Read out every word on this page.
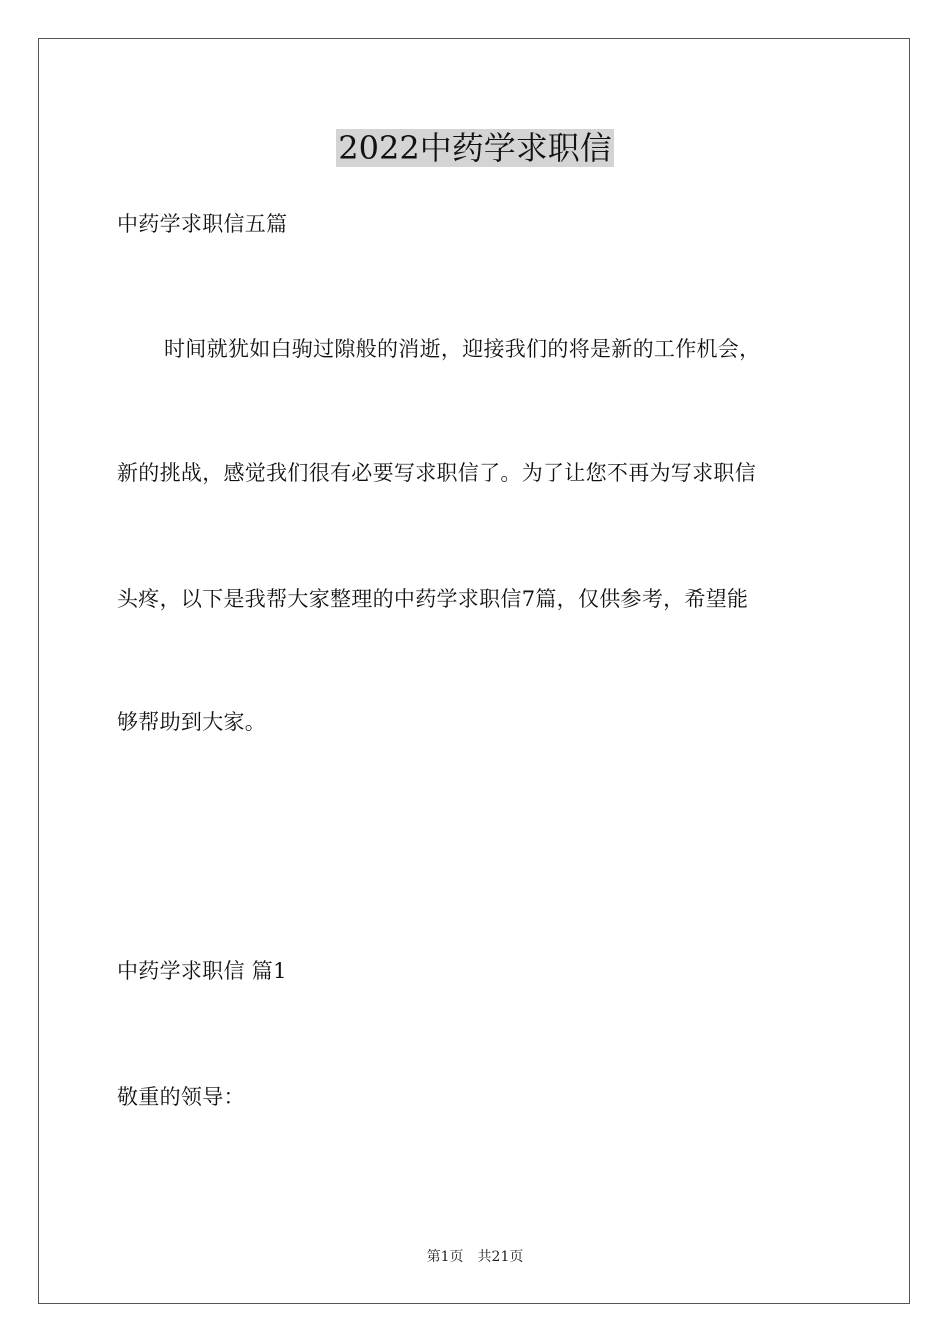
2022中药学求职信
中药学求职信五篇
时间就犹如白驹过隙般的消逝，迎接我们的将是新的工作机会，
新的挑战，感觉我们很有必要写求职信了。为了让您不再为写求职信
头疼，以下是我帮大家整理的中药学求职信7篇，仅供参考，希望能
够帮助到大家。
中药学求职信 篇1
敬重的领导：
第1页 共21页
